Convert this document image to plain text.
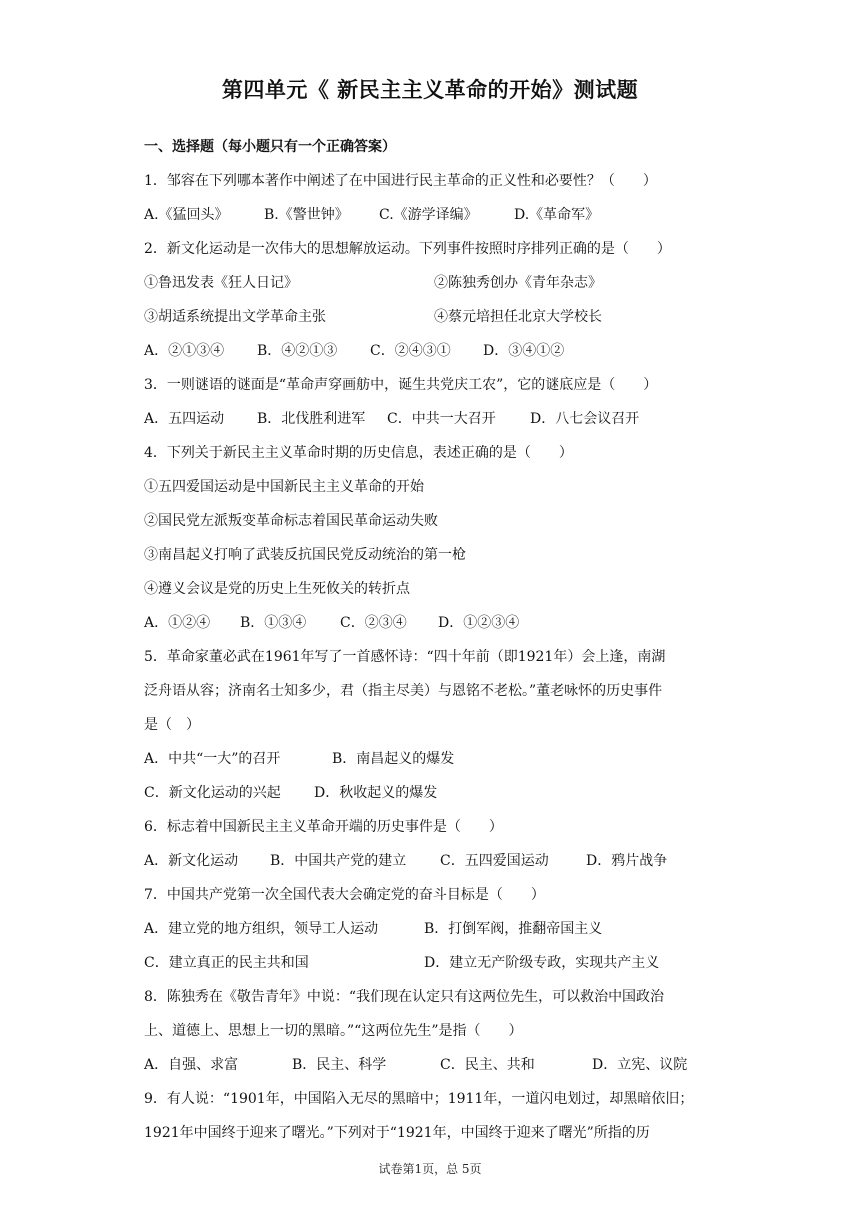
第四单元《 新民主主义革命的开始》测试题
一、选择题（每小题只有一个正确答案）
1．邹容在下列哪本著作中阐述了在中国进行民主革命的正义性和必要性？（　　）
A.《猛回头》	B.《警世钟》	C.《游学译编》	D.《革命军》
2．新文化运动是一次伟大的思想解放运动。下列事件按照时序排列正确的是（　　）
①鲁迅发表《狂人日记》	②陈独秀创办《青年杂志》
③胡适系统提出文学革命主张	④蔡元培担任北京大学校长
A．②①③④	B．④②①③	C．②④③①	D．③④①②
3．一则谜语的谜面是“革命声穿画舫中，诞生共党庆工农”，它的谜底应是（　　）
A．五四运动	B．北伐胜利进军	C．中共一大召开	D．八七会议召开
4．下列关于新民主主义革命时期的历史信息，表述正确的是（　　）
①五四爱国运动是中国新民主主义革命的开始
②国民党左派叛变革命标志着国民革命运动失败
③南昌起义打响了武装反抗国民党反动统治的第一枪
④遵义会议是党的历史上生死攸关的转折点
A．①②④	B．①③④	C．②③④	D．①②③④
5．革命家董必武在1961年写了一首感怀诗：“四十年前（即1921年）会上逢，南湖
泛舟语从容；济南名士知多少，君（指主尽美）与恩铭不老松。”董老咏怀的历史事件
是（　）
A．中共“一大”的召开	B．南昌起义的爆发
C．新文化运动的兴起	D．秋收起义的爆发
6．标志着中国新民主主义革命开端的历史事件是（　　）
A．新文化运动	B．中国共产党的建立	C．五四爱国运动	D．鸦片战争
7．中国共产党第一次全国代表大会确定党的奋斗目标是（　　）
A．建立党的地方组织，领导工人运动	B．打倒军阀，推翻帝国主义
C．建立真正的民主共和国	D．建立无产阶级专政，实现共产主义
8．陈独秀在《敬告青年》中说：“我们现在认定只有这两位先生，可以救治中国政治
上、道德上、思想上一切的黑暗。”“这两位先生”是指（　　）
A．自强、求富	B．民主、科学	C．民主、共和	D．立宪、议院
9．有人说：“1901年，中国陷入无尽的黑暗中；1911年，一道闪电划过，却黑暗依旧；
1921年中国终于迎来了曙光。”下列对于“1921年，中国终于迎来了曙光”所指的历
试卷第1页，总 5页
